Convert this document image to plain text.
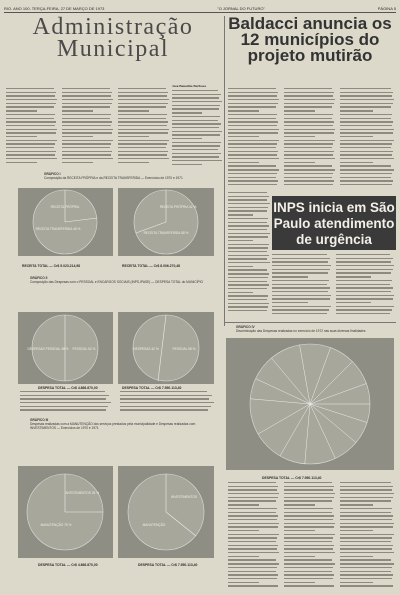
RIO. ANO 100. TERÇA-FEIRA, 27 DE MARÇO DE 1973	"O JORNAL DO FUTURO"	PÁGINA 5
Administração
Municipal
Baldacci anuncia os
12 municípios do
projeto mutirão
José Benedito Barbosa
INPS inicia em São
Paulo atendimento
de urgência
GRÁFICO I
Composição da RECEITA PRÓPRIA e da RECEITA TRANSFERIDA — Exercícios de 1970 e 1971
RECEITA PRÓPRIA
RECEITA TRANSFERIDA 48 %
RECEITA PRÓPRIA 42 %
RECEITA TRANSFERIDA 58 %
RECEITA TOTAL — Cr$ 5.023.214,98	RECEITA TOTAL — Cr$ 8.006.270,48
GRÁFICO II
Composição das Despesas com o PESSOAL e ENCARGOS SOCIAIS (INPS-IPASE) — DESPESA TOTAL do MUNICÍPIO
DESPESAS PESSOAL 48 % PESSOAL 52 %	DESPESAS 42 %	PESSOAL 58 %
DESPESA TOTAL — Cr$ 4.866.870,00	DESPESA TOTAL — Cr$ 7.950.113,40
GRÁFICO III
Despesas realizadas com a MANUTENÇÃO dos serviços prestados pela municipalidade e Despesas realizadas com INVESTIMENTOS — Exercícios de 1970 e 1971
INVESTIMENTOS 25 %
MANUTENÇÃO 75 %
INVESTIMENTOS
MANUTENÇÃO
DESPESA TOTAL — Cr$ 4.866.870,00	DESPESA TOTAL — Cr$ 7.950.113,40
GRÁFICO IV
Discriminação das Despesas realizadas no exercício de 1972 nas suas diversas finalidades
DESPESA TOTAL — Cr$ 7.950.113,40
